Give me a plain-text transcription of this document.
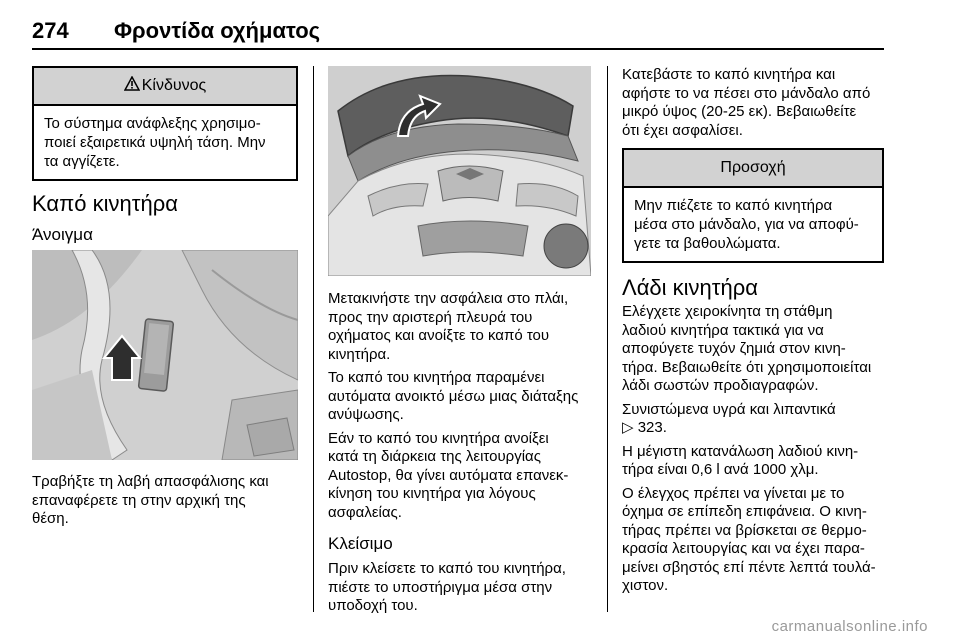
274 Φροντίδα οχήματος
Κίνδυνος
Το σύστημα ανάφλεξης χρησιμο-
ποιεί εξαιρετικά υψηλή τάση. Μην
τα αγγίζετε.
Καπό κινητήρα
Άνοιγμα

Τραβήξτε τη λαβή απασφάλισης και
επαναφέρετε τη στην αρχική της
θέση.

Μετακινήστε την ασφάλεια στο πλάι,
προς την αριστερή πλευρά του
οχήματος και ανοίξτε το καπό του
κινητήρα.

Το καπό του κινητήρα παραμένει
αυτόματα ανοικτό μέσω μιας διάταξης
ανύψωσης.

Εάν το καπό του κινητήρα ανοίξει
κατά τη διάρκεια της λειτουργίας
Autostop, θα γίνει αυτόματα επανεκ-
κίνηση του κινητήρα για λόγους
ασφαλείας.

Κλείσιμο

Πριν κλείσετε το καπό του κινητήρα,
πιέστε το υποστήριγμα μέσα στην
υποδοχή του.

Κατεβάστε το καπό κινητήρα και
αφήστε το να πέσει στο μάνδαλο από
μικρό ύψος (20-25 εκ). Βεβαιωθείτε
ότι έχει ασφαλίσει.

Προσοχή
Μην πιέζετε το καπό κινητήρα
μέσα στο μάνδαλο, για να αποφύ-
γετε τα βαθουλώματα.
Λάδι κινητήρα

Ελέγχετε χειροκίνητα τη στάθμη
λαδιού κινητήρα τακτικά για να
αποφύγετε τυχόν ζημιά στον κινη-
τήρα. Βεβαιωθείτε ότι χρησιμοποιείται
λάδι σωστών προδιαγραφών.

Συνιστώμενα υγρά και λιπαντικά
▷ 323.

Η μέγιστη κατανάλωση λαδιού κινη-
τήρα είναι 0,6 l ανά 1000 χλμ.

Ο έλεγχος πρέπει να γίνεται με το
όχημα σε επίπεδη επιφάνεια. Ο κινη-
τήρας πρέπει να βρίσκεται σε θερμο-
κρασία λειτουργίας και να έχει παρα-
μείνει σβηστός επί πέντε λεπτά τουλά-
χιστον.

carmanualsonline.info
